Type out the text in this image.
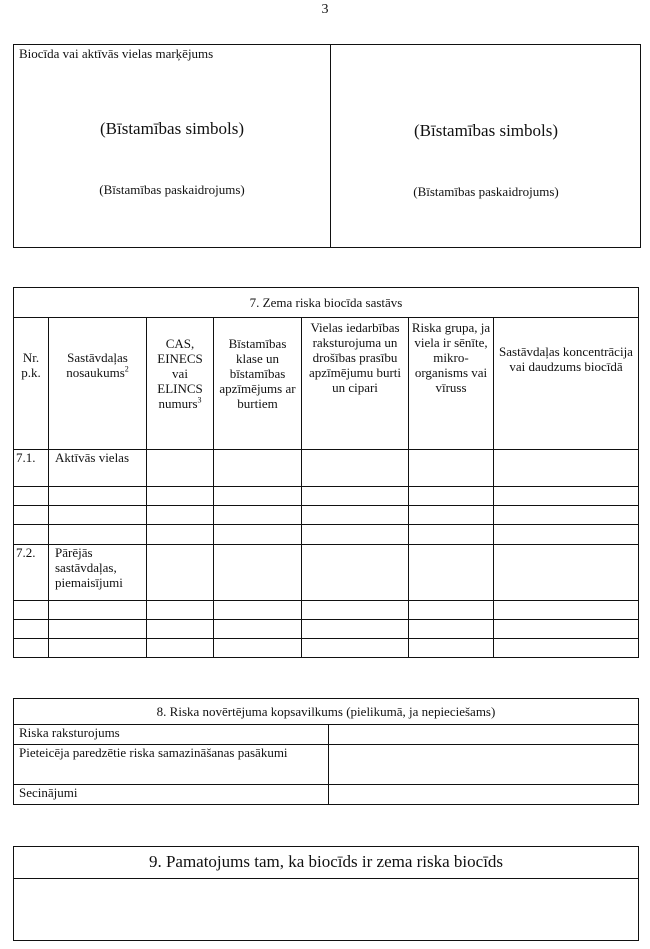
3
Biocīda vai aktīvās vielas marķējums
(Bīstamības simbols)
(Bīstamības paskaidrojums)
(Bīstamības simbols)
(Bīstamības paskaidrojums)
7. Zema riska biocīda sastāvs						
Nr. p.k.	Sastāvdaļas nosaukums$^2$	CAS, EINECS vai ELINCS numurs$^3$	Bīstamības klase un bīstamības apzīmējums ar burtiem	Vielas iedarbības raksturojuma un drošības prasību apzīmējumu burti un cipari	Riska grupa, ja viela ir sēnīte, mikro-organisms vai vīruss	Sastāvdaļas koncentrācija vai daudzums biocīdā
7.1.	Aktīvās vielas					

7.2.	Pārējās sastāvdaļas, piemaisījumi					

8. Riska novērtējuma kopsavilkums (pielikumā, ja nepieciešams)	
Riska raksturojums	
Pieteicēja paredzētie riska samazināšanas pasākumi	
Secinājumi	
9. Pamatojums tam, ka biocīds ir zema riska biocīds
